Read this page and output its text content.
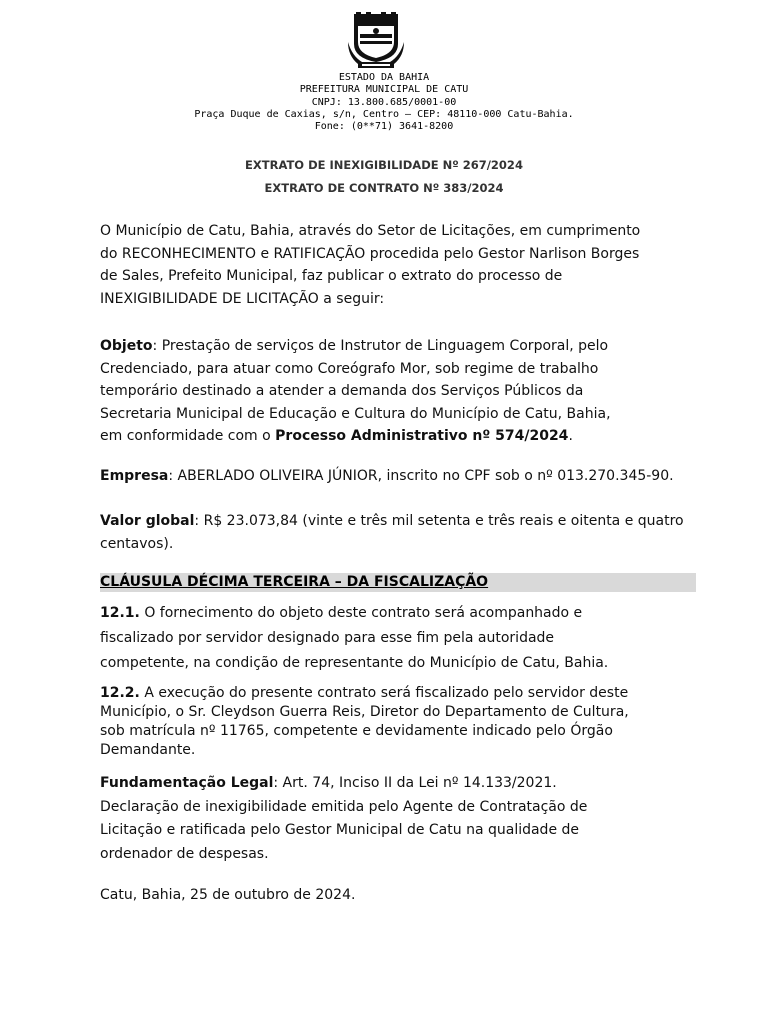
ESTADO DA BAHIA
PREFEITURA MUNICIPAL DE CATU
CNPJ: 13.800.685/0001-00
Praça Duque de Caxias, s/n, Centro – CEP: 48110-000 Catu-Bahia.
Fone: (0**71) 3641-8200
EXTRATO DE INEXIGIBILIDADE Nº 267/2024
EXTRATO DE CONTRATO Nº 383/2024
O Município de Catu, Bahia, através do Setor de Licitações, em cumprimento
do RECONHECIMENTO e RATIFICAÇÃO procedida pelo Gestor Narlison Borges
de Sales, Prefeito Municipal, faz publicar o extrato do processo de
INEXIGIBILIDADE DE LICITAÇÃO a seguir:
Objeto: Prestação de serviços de Instrutor de Linguagem Corporal, pelo
Credenciado, para atuar como Coreógrafo Mor, sob regime de trabalho
temporário destinado a atender a demanda dos Serviços Públicos da
Secretaria Municipal de Educação e Cultura do Município de Catu, Bahia,
em conformidade com o Processo Administrativo nº 574/2024.
Empresa: ABERLADO OLIVEIRA JÚNIOR, inscrito no CPF sob o nº 013.270.345-90.
Valor global: R$ 23.073,84 (vinte e três mil setenta e três reais e oitenta e quatro
centavos).
CLÁUSULA DÉCIMA TERCEIRA – DA FISCALIZAÇÃO
12.1. O fornecimento do objeto deste contrato será acompanhado e
fiscalizado por servidor designado para esse fim pela autoridade
competente, na condição de representante do Município de Catu, Bahia.
12.2. A execução do presente contrato será fiscalizado pelo servidor deste
Município, o Sr. Cleydson Guerra Reis, Diretor do Departamento de Cultura,
sob matrícula nº 11765, competente e devidamente indicado pelo Órgão
Demandante.
Fundamentação Legal: Art. 74, Inciso II da Lei nº 14.133/2021.
Declaração de inexigibilidade emitida pelo Agente de Contratação de
Licitação e ratificada pelo Gestor Municipal de Catu na qualidade de
ordenador de despesas.
Catu, Bahia, 25 de outubro de 2024.
